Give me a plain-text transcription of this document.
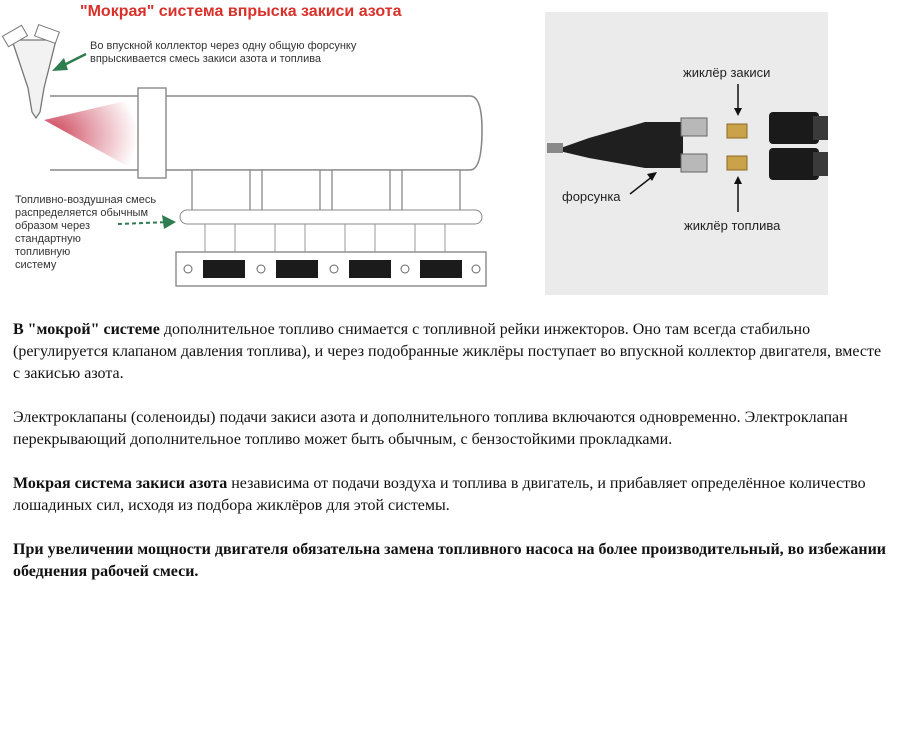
"Мокрая" система впрыска закиси азота
Во впускной коллектор через одну общую форсунку
впрыскивается смесь закиси азота и топлива
Топливно-воздушная смесь
распределяется обычным
образом через
стандартную
топливную
систему
жиклёр закиси
форсунка
жиклёр топлива

В "мокрой" системе дополнительное топливо снимается с топливной рейки инжекторов. Оно там всегда стабильно (регулируется клапаном давления топлива), и через подобранные жиклёры поступает во впускной коллектор двигателя, вместе с закисью азота.

Электроклапаны (соленоиды) подачи закиси азота и дополнительного топлива включаются одновременно. Электроклапан перекрывающий дополнительное топливо может быть обычным, с бензостойкими прокладками.

Мокрая система закиси азота независима от подачи воздуха и топлива в двигатель, и прибавляет определённое количество лошадиных сил, исходя из подбора жиклёров для этой системы.

При увеличении мощности двигателя обязательна замена топливного насоса на более производительный, во избежании обеднения рабочей смеси.
